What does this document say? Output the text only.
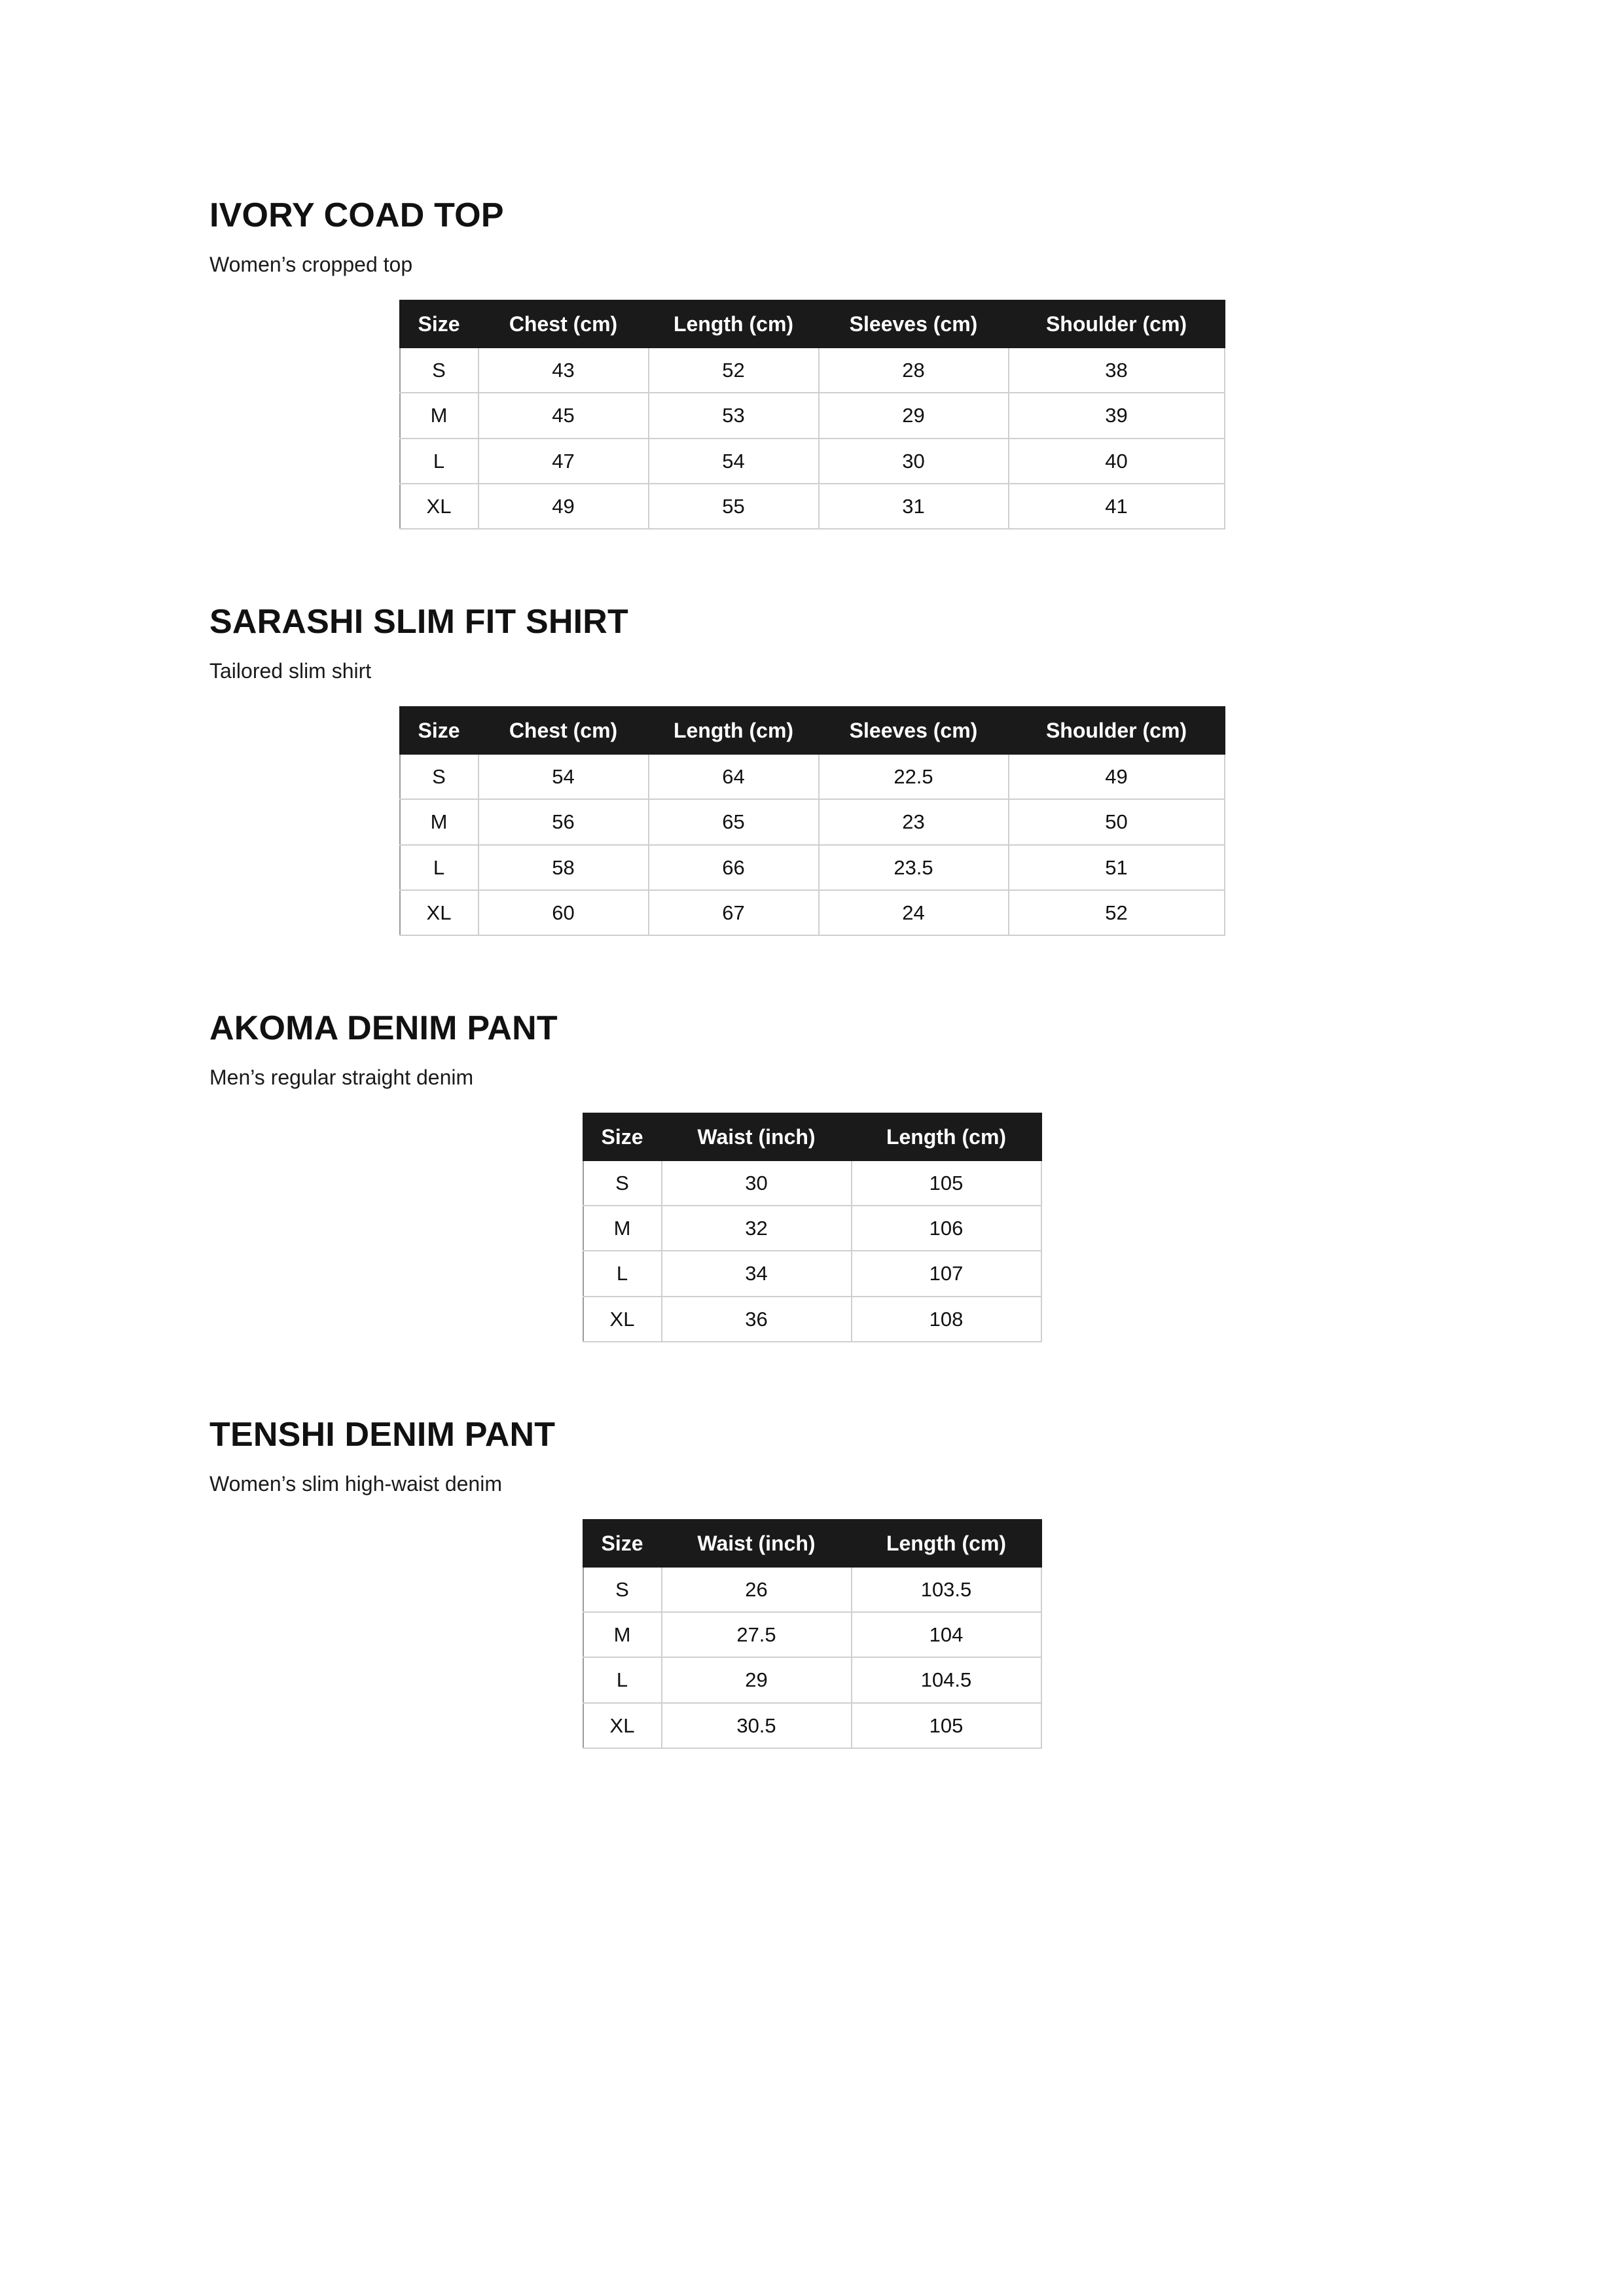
IVORY COAD TOP

Women’s cropped top

Size	Chest (cm)	Length (cm)	Sleeves (cm)	Shoulder (cm)
S	43	52	28	38
M	45	53	29	39
L	47	54	30	40
XL	49	55	31	41
SARASHI SLIM FIT SHIRT

Tailored slim shirt

Size	Chest (cm)	Length (cm)	Sleeves (cm)	Shoulder (cm)
S	54	64	22.5	49
M	56	65	23	50
L	58	66	23.5	51
XL	60	67	24	52
AKOMA DENIM PANT

Men’s regular straight denim

Size	Waist (inch)	Length (cm)
S	30	105
M	32	106
L	34	107
XL	36	108
TENSHI DENIM PANT

Women’s slim high-waist denim

Size	Waist (inch)	Length (cm)
S	26	103.5
M	27.5	104
L	29	104.5
XL	30.5	105
